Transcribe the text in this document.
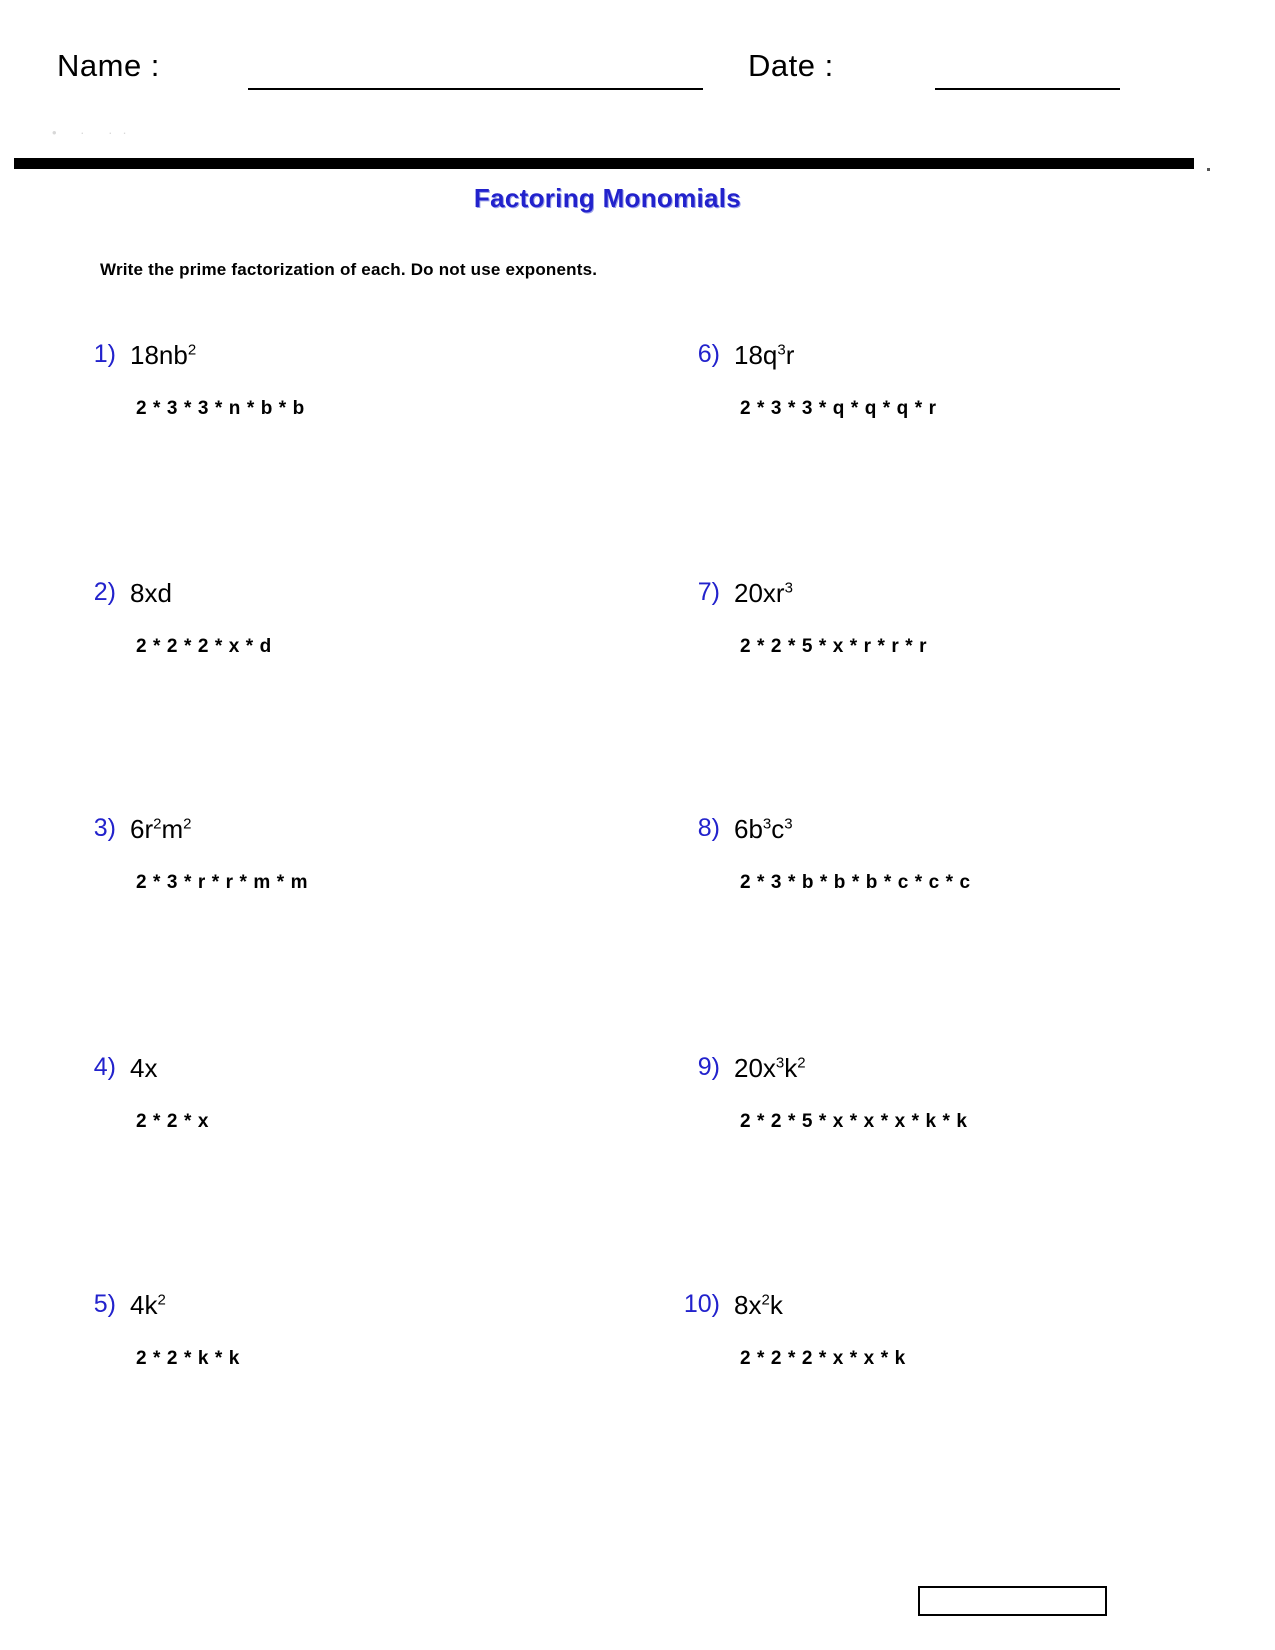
Name :	Date :
• · ··
Factoring Monomials
Write the prime factorization of each. Do not use exponents.
1) $18nb^2$
2 * 3 * 3 * n * b * b
2) 8xd
2 * 2 * 2 * x * d
3) $6r^2m^2$
2 * 3 * r * r * m * m
4) 4x
2 * 2 * x
5) $4k^2$
2 * 2 * k * k
6) $18q^3r$
2 * 3 * 3 * q * q * q * r
7) $20xr^3$
2 * 2 * 5 * x * r * r * r
8) $6b^3c^3$
2 * 3 * b * b * b * c * c * c
9) $20x^3k^2$
2 * 2 * 5 * x * x * x * k * k
10) $8x^2k$
2 * 2 * 2 * x * x * k
